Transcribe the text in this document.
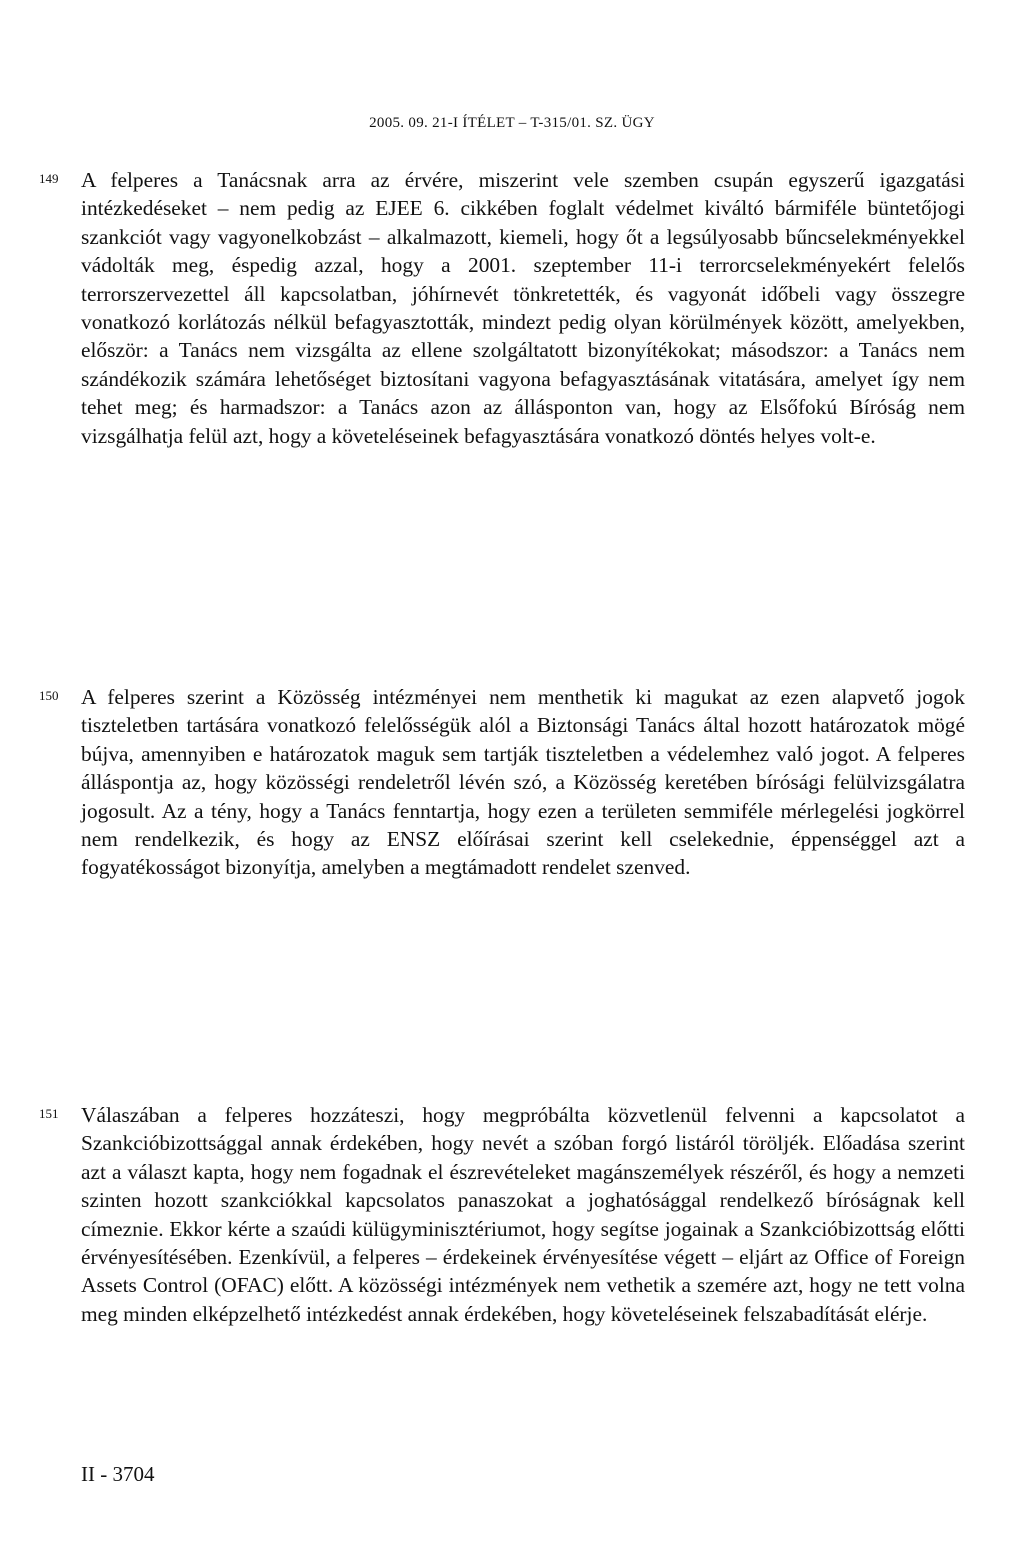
2005. 09. 21-I ÍTÉLET – T-315/01. SZ. ÜGY
149	A felperes a Tanácsnak arra az érvére, miszerint vele szemben csupán egyszerű igazgatási intézkedéseket – nem pedig az EJEE 6. cikkében foglalt védelmet kiváltó bármiféle büntetőjogi szankciót vagy vagyonelkobzást – alkalmazott, kiemeli, hogy őt a legsúlyosabb bűncselekményekkel vádolták meg, éspedig azzal, hogy a 2001. szeptember 11-i terrorcselekményekért felelős terrorszervezettel áll kapcsolatban, jóhírnevét tönkretették, és vagyonát időbeli vagy összegre vonatkozó korlátozás nélkül befagyasztották, mindezt pedig olyan körülmények között, amelyekben, először: a Tanács nem vizsgálta az ellene szolgáltatott bizonyítékokat; másodszor: a Tanács nem szándékozik számára lehetőséget biztosítani vagyona befagyasztásának vitatására, amelyet így nem tehet meg; és harmadszor: a Tanács azon az állásponton van, hogy az Elsőfokú Bíróság nem vizsgálhatja felül azt, hogy a követeléseinek befagyasztására vonatkozó döntés helyes volt-e.
150	A felperes szerint a Közösség intézményei nem menthetik ki magukat az ezen alapvető jogok tiszteletben tartására vonatkozó felelősségük alól a Biztonsági Tanács által hozott határozatok mögé bújva, amennyiben e határozatok maguk sem tartják tiszteletben a védelemhez való jogot. A felperes álláspontja az, hogy közösségi rendeletről lévén szó, a Közösség keretében bírósági felülvizsgálatra jogosult. Az a tény, hogy a Tanács fenntartja, hogy ezen a területen semmiféle mérlegelési jogkörrel nem rendelkezik, és hogy az ENSZ előírásai szerint kell cselekednie, éppenséggel azt a fogyatékosságot bizonyítja, amelyben a megtámadott rendelet szenved.
151	Válaszában a felperes hozzáteszi, hogy megpróbálta közvetlenül felvenni a kapcsolatot a Szankcióbizottsággal annak érdekében, hogy nevét a szóban forgó listáról töröljék. Előadása szerint azt a választ kapta, hogy nem fogadnak el észrevételeket magánszemélyek részéről, és hogy a nemzeti szinten hozott szankciókkal kapcsolatos panaszokat a joghatósággal rendelkező bíróságnak kell címeznie. Ekkor kérte a szaúdi külügyminisztériumot, hogy segítse jogainak a Szankcióbizottság előtti érvényesítésében. Ezenkívül, a felperes – érdekeinek érvényesítése végett – eljárt az Office of Foreign Assets Control (OFAC) előtt. A közösségi intézmények nem vethetik a szemére azt, hogy ne tett volna meg minden elképzelhető intézkedést annak érdekében, hogy követeléseinek felszabadítását elérje.
II - 3704
